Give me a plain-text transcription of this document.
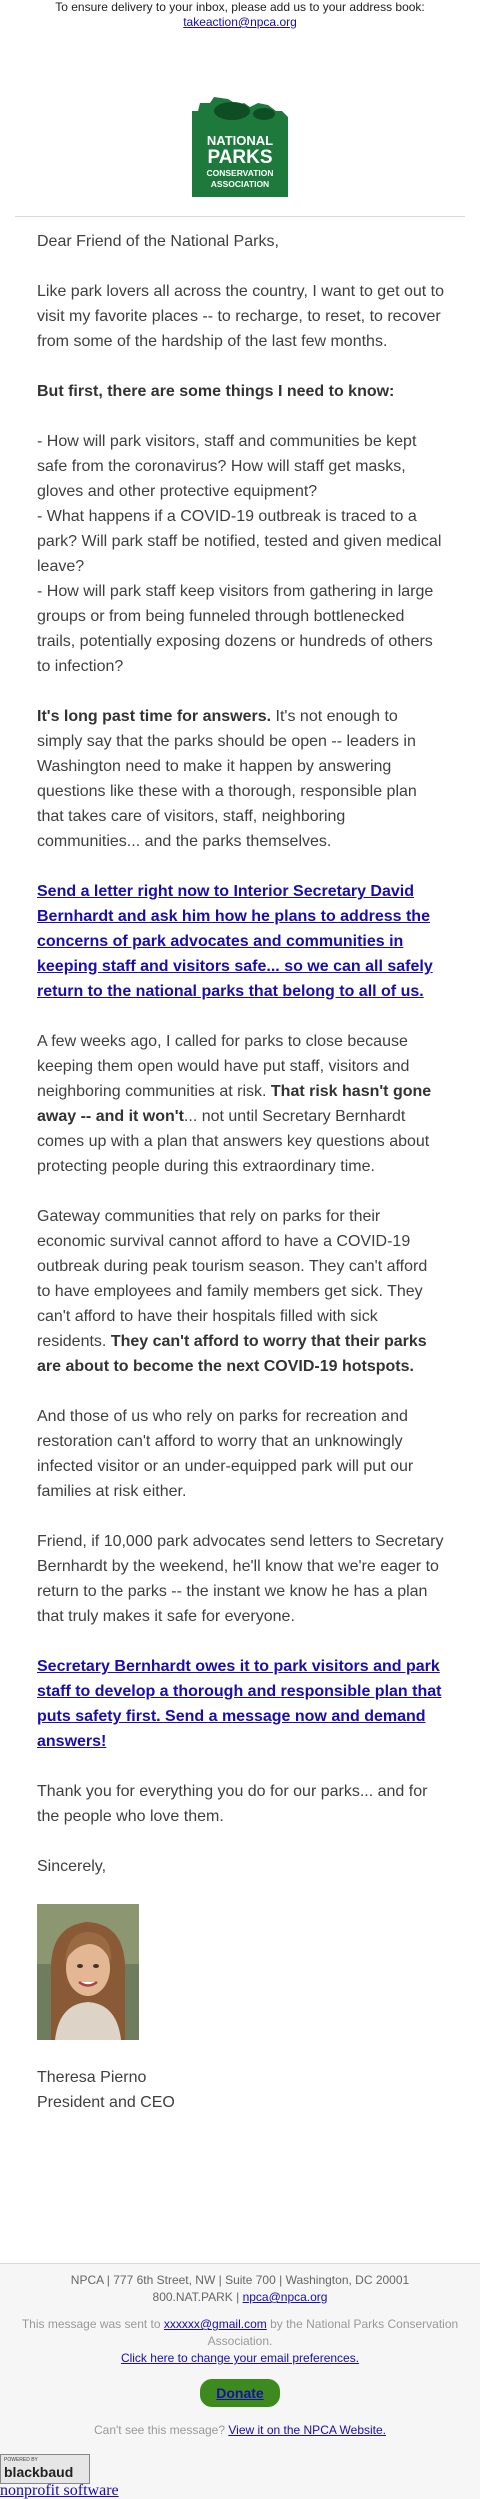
To ensure delivery to your inbox, please add us to your address book:
takeaction@npca.org
NATIONAL
PARKS
CONSERVATION
ASSOCIATION

Dear Friend of the National Parks,

Like park lovers all across the country, I want to get out to visit my favorite places -- to recharge, to reset, to recover from some of the hardship of the last few months.

But first, there are some things I need to know:

- How will park visitors, staff and communities be kept safe from the coronavirus? How will staff get masks, gloves and other protective equipment?
- What happens if a COVID-19 outbreak is traced to a park? Will park staff be notified, tested and given medical leave?
- How will park staff keep visitors from gathering in large groups or from being funneled through bottlenecked trails, potentially exposing dozens or hundreds of others to infection?

It's long past time for answers. It's not enough to simply say that the parks should be open -- leaders in Washington need to make it happen by answering questions like these with a thorough, responsible plan that takes care of visitors, staff, neighboring communities... and the parks themselves.

Send a letter right now to Interior Secretary David Bernhardt and ask him how he plans to address the concerns of park advocates and communities in keeping staff and visitors safe... so we can all safely return to the national parks that belong to all of us.

A few weeks ago, I called for parks to close because keeping them open would have put staff, visitors and neighboring communities at risk. That risk hasn't gone away -- and it won't... not until Secretary Bernhardt comes up with a plan that answers key questions about protecting people during this extraordinary time.

Gateway communities that rely on parks for their economic survival cannot afford to have a COVID-19 outbreak during peak tourism season. They can't afford to have employees and family members get sick. They can't afford to have their hospitals filled with sick residents. They can't afford to worry that their parks are about to become the next COVID-19 hotspots.

And those of us who rely on parks for recreation and restoration can't afford to worry that an unknowingly infected visitor or an under-equipped park will put our families at risk either.

Friend, if 10,000 park advocates send letters to Secretary Bernhardt by the weekend, he'll know that we're eager to return to the parks -- the instant we know he has a plan that truly makes it safe for everyone.

Secretary Bernhardt owes it to park visitors and park staff to develop a thorough and responsible plan that puts safety first. Send a message now and demand answers!

Thank you for everything you do for our parks... and for the people who love them.

Sincerely,

Theresa Pierno

President and CEO

NPCA | 777 6th Street, NW | Suite 700 | Washington, DC 20001
800.NAT.PARK | npca@npca.org
This message was sent to xxxxxx@gmail.com by the National Parks Conservation Association.
Click here to change your email preferences.
Donate
Can't see this message? View it on the NPCA Website.
POWERED BY
blackbaud
nonprofit software
